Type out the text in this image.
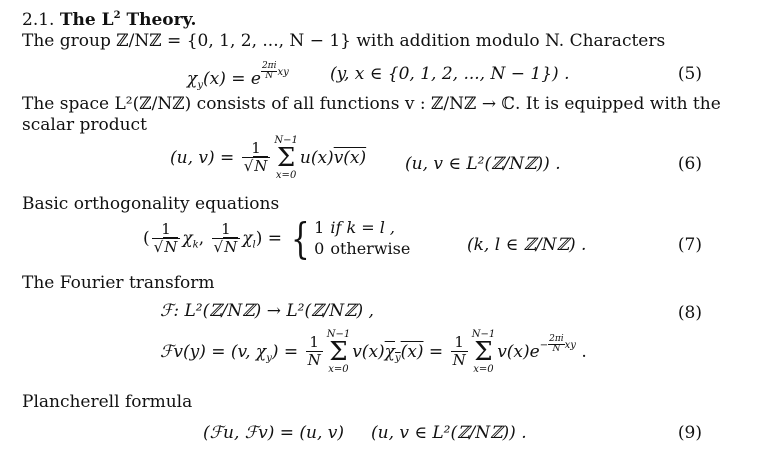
2.1. The $L^2$ Theory.
The group ℤ/Nℤ = {0, 1, 2, ..., N − 1} with addition modulo N. Characters
$\chi_y(x) = e \frac{2\pi i}{N} ^{xy}$ (y, x ∈ {0, 1, 2, ..., N − 1}) .	(5)
The space L²(ℤ/Nℤ) consists of all functions v : ℤ/Nℤ → ℂ. It is equipped with the
scalar product
(u, $v) = \frac{1}{√N}$
N−1
Σ
x=0
u(x)v(x) (u, v ∈ L²(ℤ/Nℤ)) .	(6)
Basic orthogonality equations
( $\frac{1}{√N} \chi_k$, $\frac{1}{√N} \chi_l$) = { 1	if k = l ,
0	otherwise	(k, l ∈ ℤ/Nℤ) .	(7)
The Fourier transform
ℱ: L²(ℤ/Nℤ) → L²(ℤ/Nℤ) ,	(8)
ℱv(y) = (v, $\chi_y) = \frac{1}{N}$
N−1
Σ
x=0
$v(x)\chi_y(x) = \frac{1}{N}$
N−1
Σ
x=0
$v(x)e^- \frac{2\pi i}{N} ^{xy}$ .
Plancherell formula
(ℱu, ℱv) = (u, v) (u, v ∈ L²(ℤ/Nℤ)) .	(9)
